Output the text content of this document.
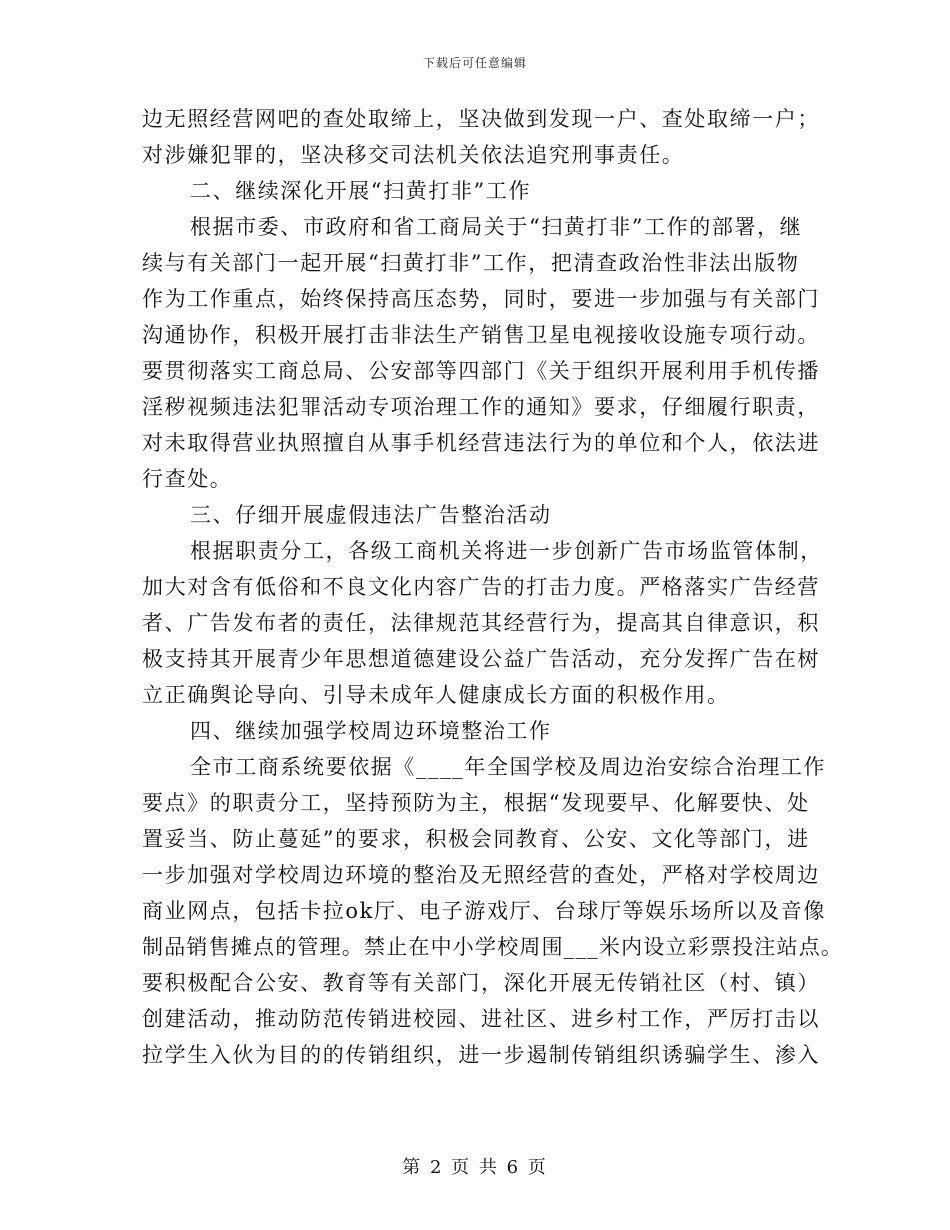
下载后可任意编辑
边无照经营网吧的查处取缔上，坚决做到发现一户、查处取缔一户；
对涉嫌犯罪的，坚决移交司法机关依法追究刑事责任。
二、继续深化开展“扫黄打非”工作
根据市委、市政府和省工商局关于“扫黄打非”工作的部署，继
续与有关部门一起开展“扫黄打非”工作，把清查政治性非法出版物
作为工作重点，始终保持高压态势，同时，要进一步加强与有关部门
沟通协作，积极开展打击非法生产销售卫星电视接收设施专项行动。
要贯彻落实工商总局、公安部等四部门《关于组织开展利用手机传播
淫秽视频违法犯罪活动专项治理工作的通知》要求，仔细履行职责，
对未取得营业执照擅自从事手机经营违法行为的单位和个人，依法进
行查处。
三、仔细开展虚假违法广告整治活动
根据职责分工，各级工商机关将进一步创新广告市场监管体制，
加大对含有低俗和不良文化内容广告的打击力度。严格落实广告经营
者、广告发布者的责任，法律规范其经营行为，提高其自律意识，积
极支持其开展青少年思想道德建设公益广告活动，充分发挥广告在树
立正确舆论导向、引导未成年人健康成长方面的积极作用。
四、继续加强学校周边环境整治工作
全市工商系统要依据《____年全国学校及周边治安综合治理工作
要点》的职责分工，坚持预防为主，根据“发现要早、化解要快、处
置妥当、防止蔓延”的要求，积极会同教育、公安、文化等部门，进
一步加强对学校周边环境的整治及无照经营的查处，严格对学校周边
商业网点，包括卡拉ok厅、电子游戏厅、台球厅等娱乐场所以及音像
制品销售摊点的管理。禁止在中小学校周围___米内设立彩票投注站点。
要积极配合公安、教育等有关部门，深化开展无传销社区（村、镇）
创建活动，推动防范传销进校园、进社区、进乡村工作，严厉打击以
拉学生入伙为目的的传销组织，进一步遏制传销组织诱骗学生、渗入
第 2 页 共 6 页
